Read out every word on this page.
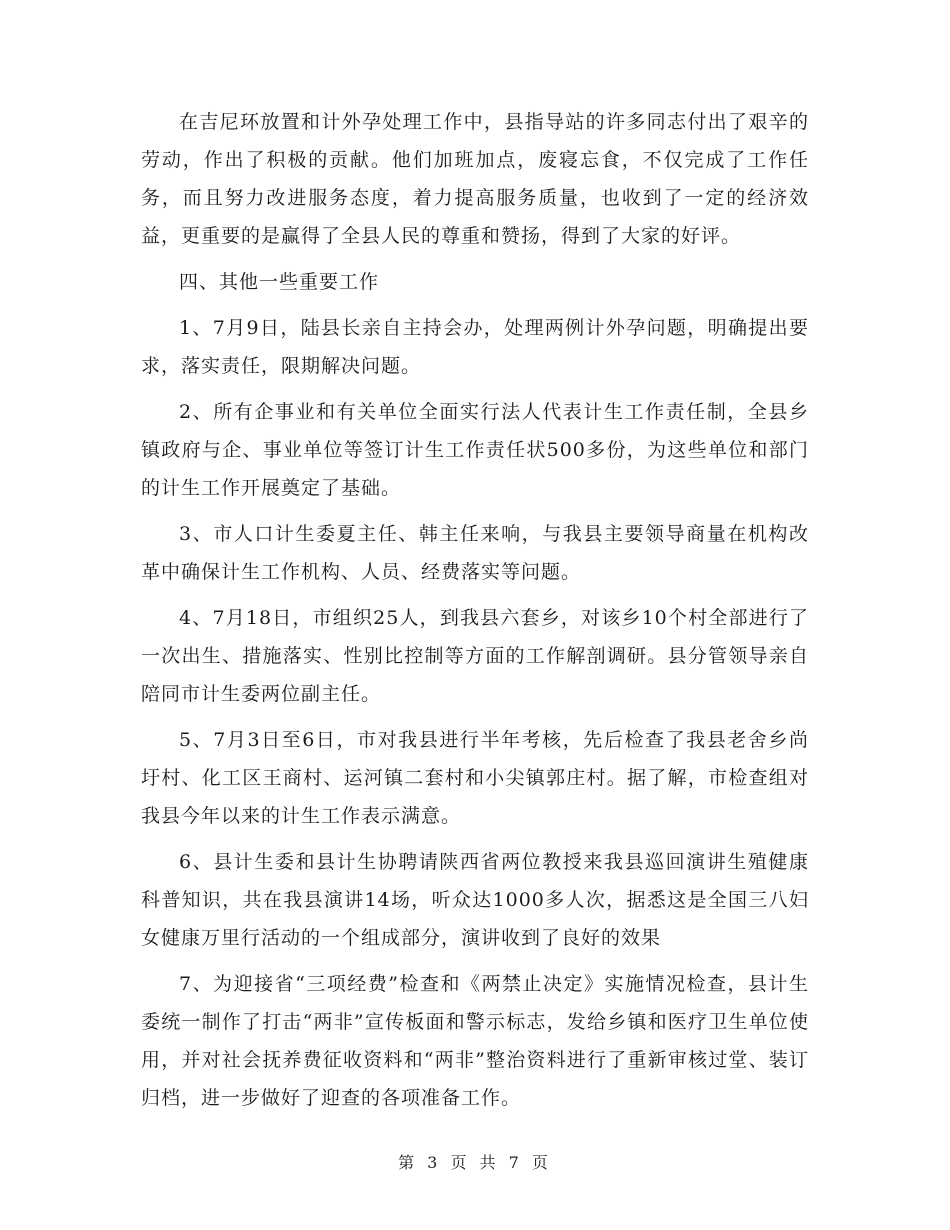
在吉尼环放置和计外孕处理工作中，县指导站的许多同志付出了艰辛的劳动，作出了积极的贡献。他们加班加点，废寝忘食，不仅完成了工作任务，而且努力改进服务态度，着力提高服务质量，也收到了一定的经济效益，更重要的是赢得了全县人民的尊重和赞扬，得到了大家的好评。

四、其他一些重要工作

1、7月9日，陆县长亲自主持会办，处理两例计外孕问题，明确提出要求，落实责任，限期解决问题。

2、所有企事业和有关单位全面实行法人代表计生工作责任制，全县乡镇政府与企、事业单位等签订计生工作责任状500多份，为这些单位和部门的计生工作开展奠定了基础。

3、市人口计生委夏主任、韩主任来响，与我县主要领导商量在机构改革中确保计生工作机构、人员、经费落实等问题。

4、7月18日，市组织25人，到我县六套乡，对该乡10个村全部进行了一次出生、措施落实、性别比控制等方面的工作解剖调研。县分管领导亲自陪同市计生委两位副主任。

5、7月3日至6日，市对我县进行半年考核，先后检查了我县老舍乡尚圩村、化工区王商村、运河镇二套村和小尖镇郭庄村。据了解，市检查组对我县今年以来的计生工作表示满意。

6、县计生委和县计生协聘请陕西省两位教授来我县巡回演讲生殖健康科普知识，共在我县演讲14场，听众达1000多人次，据悉这是全国三八妇女健康万里行活动的一个组成部分，演讲收到了良好的效果

7、为迎接省“三项经费”检查和《两禁止决定》实施情况检查，县计生委统一制作了打击“两非”宣传板面和警示标志，发给乡镇和医疗卫生单位使用，并对社会抚养费征收资料和“两非”整治资料进行了重新审核过堂、装订归档，进一步做好了迎查的各项准备工作。

第 3 页 共 7 页
